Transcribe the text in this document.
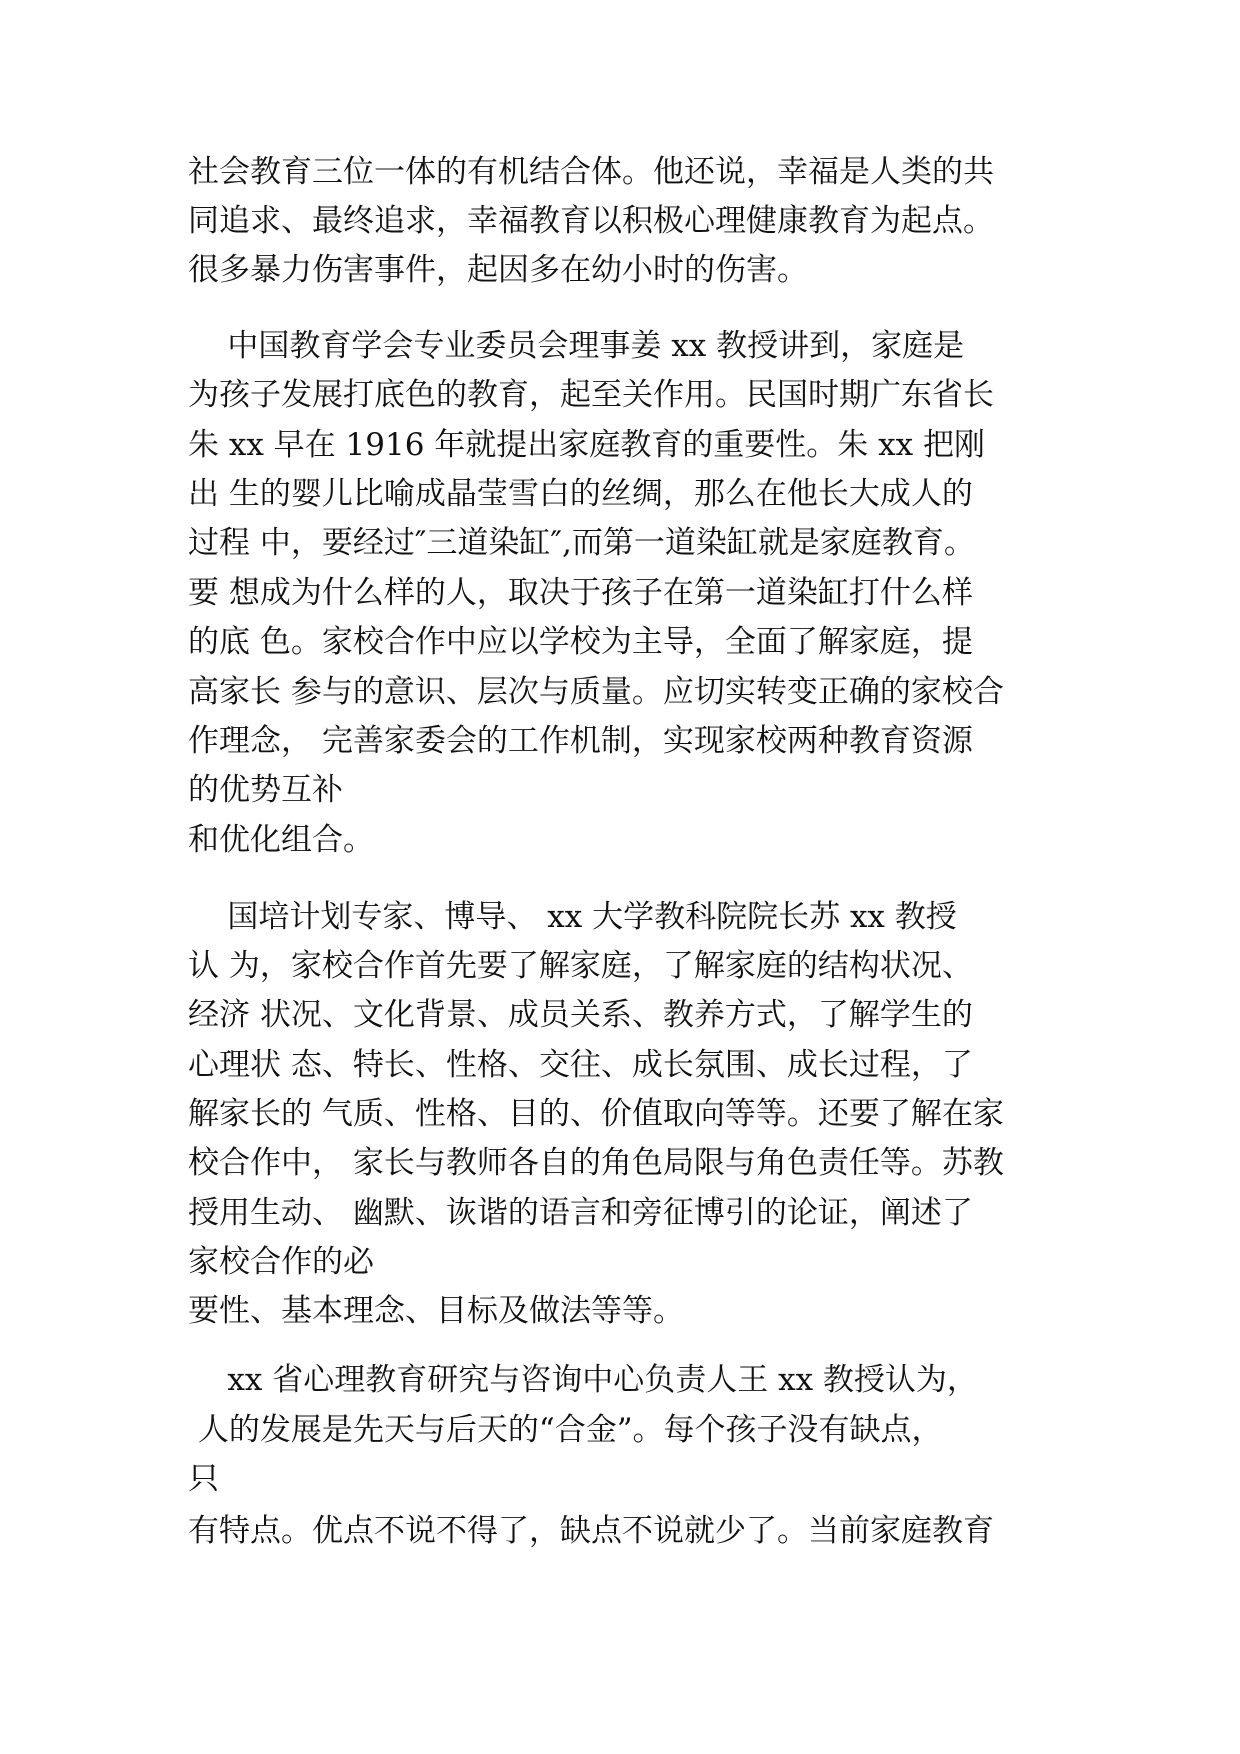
社会教育三位一体的有机结合体。他还说，幸福是人类的共

同追求、最终追求，幸福教育以积极心理健康教育为起点。

很多暴力伤害事件，起因多在幼小时的伤害。

中国教育学会专业委员会理事姜 xx 教授讲到，家庭是

为孩子发展打底色的教育，起至关作用。民国时期广东省长

朱 xx 早在 1916 年就提出家庭教育的重要性。朱 xx 把刚

出 生的婴儿比喻成晶莹雪白的丝绸，那么在他长大成人的

过程 中，要经过″三道染缸″,而第一道染缸就是家庭教育。

要 想成为什么样的人，取决于孩子在第一道染缸打什么样

的底 色。家校合作中应以学校为主导，全面了解家庭，提

高家长 参与的意识、层次与质量。应切实转变正确的家校合

作理念， 完善家委会的工作机制，实现家校两种教育资源

的优势互补

和优化组合。

国培计划专家、博导、 xx 大学教科院院长苏 xx 教授

认 为，家校合作首先要了解家庭，了解家庭的结构状况、

经济 状况、文化背景、成员关系、教养方式，了解学生的

心理状 态、特长、性格、交往、成长氛围、成长过程，了

解家长的 气质、性格、目的、价值取向等等。还要了解在家

校合作中， 家长与教师各自的角色局限与角色责任等。苏教

授用生动、 幽默、诙谐的语言和旁征博引的论证，阐述了

家校合作的必

要性、基本理念、目标及做法等等。

xx 省心理教育研究与咨询中心负责人王 xx 教授认为，

人的发展是先天与后天的“合金”。每个孩子没有缺点，

只

有特点。优点不说不得了，缺点不说就少了。当前家庭教育
